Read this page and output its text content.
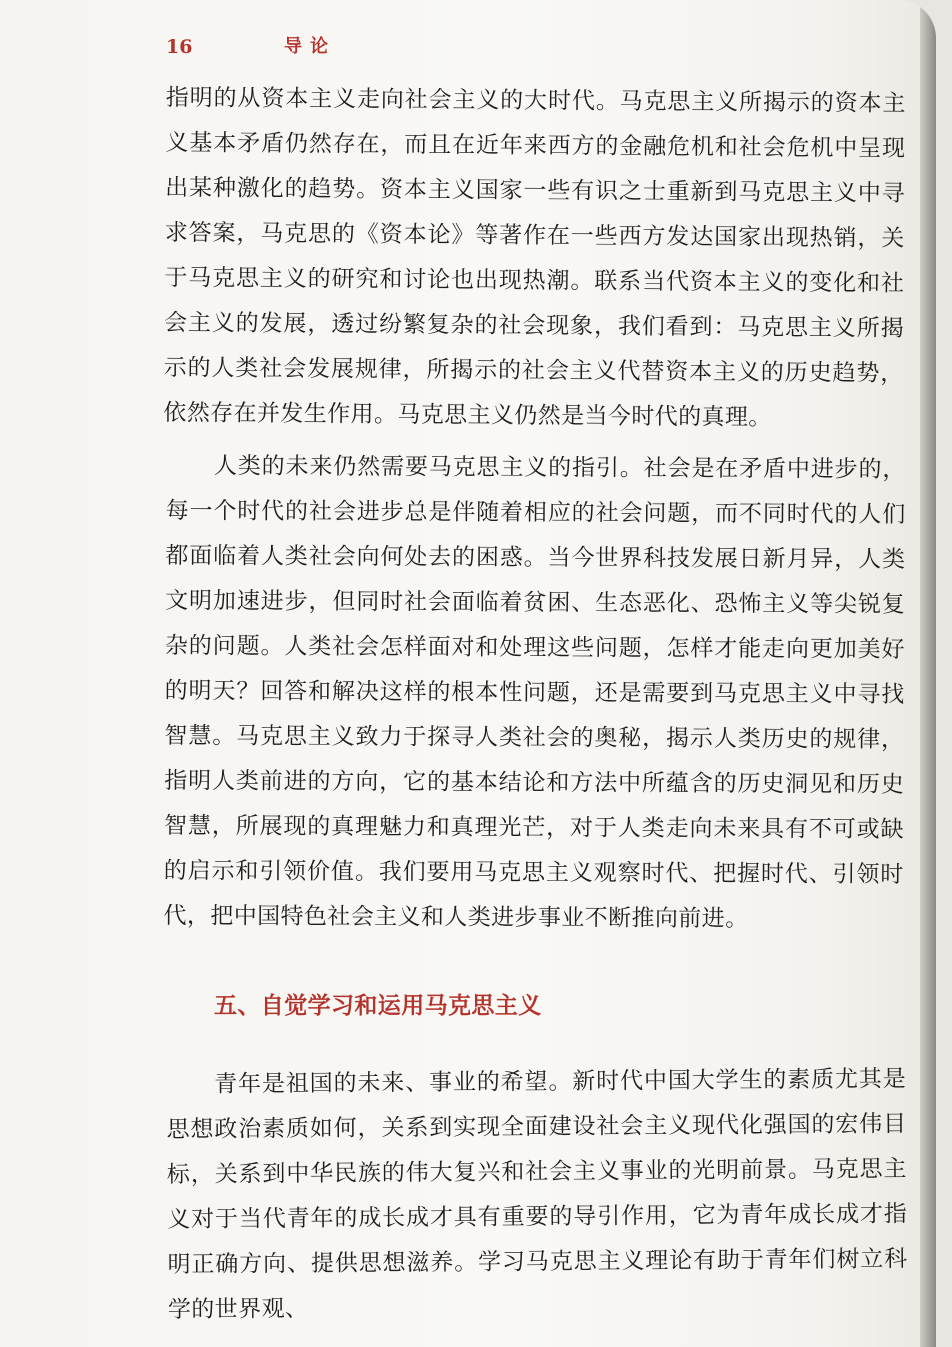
16	导论

指明的从资本主义走向社会主义的大时代。马克思主义所揭示的资本主义基本矛盾仍然存在，而且在近年来西方的金融危机和社会危机中呈现出某种激化的趋势。资本主义国家一些有识之士重新到马克思主义中寻求答案，马克思的《资本论》等著作在一些西方发达国家出现热销，关于马克思主义的研究和讨论也出现热潮。联系当代资本主义的变化和社会主义的发展，透过纷繁复杂的社会现象，我们看到：马克思主义所揭示的人类社会发展规律，所揭示的社会主义代替资本主义的历史趋势，依然存在并发生作用。马克思主义仍然是当今时代的真理。

人类的未来仍然需要马克思主义的指引。社会是在矛盾中进步的，每一个时代的社会进步总是伴随着相应的社会问题，而不同时代的人们都面临着人类社会向何处去的困惑。当今世界科技发展日新月异，人类文明加速进步，但同时社会面临着贫困、生态恶化、恐怖主义等尖锐复杂的问题。人类社会怎样面对和处理这些问题，怎样才能走向更加美好的明天？回答和解决这样的根本性问题，还是需要到马克思主义中寻找智慧。马克思主义致力于探寻人类社会的奥秘，揭示人类历史的规律，指明人类前进的方向，它的基本结论和方法中所蕴含的历史洞见和历史智慧，所展现的真理魅力和真理光芒，对于人类走向未来具有不可或缺的启示和引领价值。我们要用马克思主义观察时代、把握时代、引领时代，把中国特色社会主义和人类进步事业不断推向前进。

五、自觉学习和运用马克思主义

青年是祖国的未来、事业的希望。新时代中国大学生的素质尤其是思想政治素质如何，关系到实现全面建设社会主义现代化强国的宏伟目标，关系到中华民族的伟大复兴和社会主义事业的光明前景。马克思主义对于当代青年的成长成才具有重要的导引作用，它为青年成长成才指明正确方向、提供思想滋养。学习马克思主义理论有助于青年们树立科学的世界观、
